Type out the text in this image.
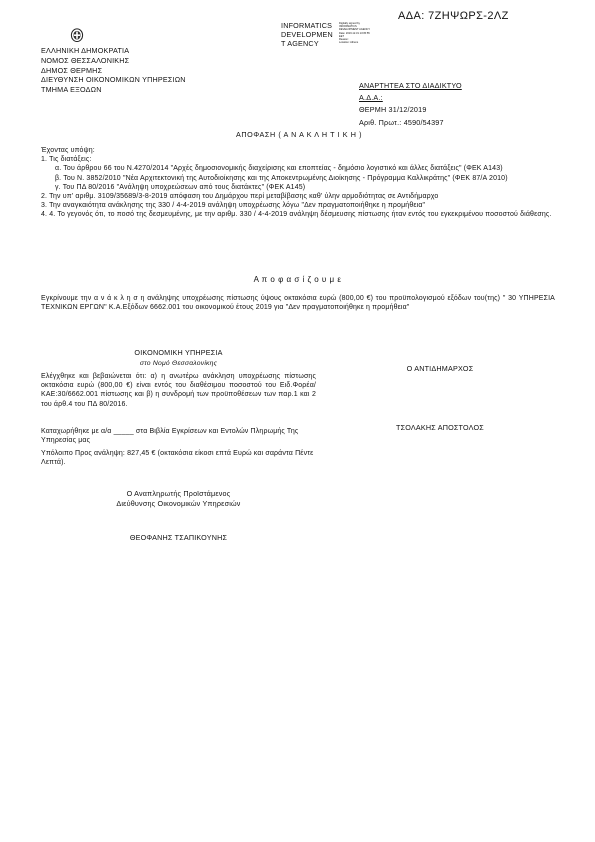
ΑΔΑ: 7ΖΗΨΩΡΣ-2ΛΖ
INFORMATICS
DEVELOPMEN
T AGENCY
Digitally signed by
INFORMATICS
DEVELOPMENT AGENCY
Date: 2019.12.31 13:05:55
EET
Reason:
Location: Athens
ΕΛΛΗΝΙΚΗ ΔΗΜΟΚΡΑΤΙΑ
ΝΟΜΟΣ ΘΕΣΣΑΛΟΝΙΚΗΣ
ΔΗΜΟΣ ΘΕΡΜΗΣ
ΔΙΕΥΘΥΝΣΗ ΟΙΚΟΝΟΜΙΚΩΝ ΥΠΗΡΕΣΙΩΝ
ΤΜΗΜΑ ΕΞΟΔΩΝ	ΑΝΑΡΤΗΤΕΑ ΣΤΟ ΔΙΑΔΙΚΤΥΟ
Α.Δ.Α.:
ΘΕΡΜΗ 31/12/2019
Αριθ. Πρωτ.: 4590/54397
ΑΠΟΦΑΣΗ ( Α Ν Α Κ Λ Η Τ Ι Κ Η )
Έχοντας υπόψη:
1. Τις διατάξεις:
α. Του άρθρου 66 του Ν.4270/2014 "Αρχές δημοσιονομικής διαχείρισης και εποπτείας - δημόσιο λογιστικό και άλλες διατάξεις" (ΦΕΚ Α143)
β. Του Ν. 3852/2010 "Νέα Αρχιτεκτονική της Αυτοδιοίκησης και της Αποκεντρωμένης Διοίκησης - Πρόγραμμα Καλλικράτης" (ΦΕΚ 87/Α 2010)
γ. Του ΠΔ 80/2016 "Ανάληψη υποχρεώσεων από τους διατάκτες" (ΦΕΚ Α145)
2. Την υπ' αριθμ. 3109/35689/3-8-2019 απόφαση του Δημάρχου περί μεταβίβασης καθ' ύλην αρμοδιότητας σε Αντιδήμαρχο
3. Την αναγκαιότητα ανάκλησης της 330 / 4-4-2019 ανάληψη υποχρέωσης λόγω "Δεν πραγματοποιήθηκε η προμήθεια"
4. 4. Το γεγονός ότι, το ποσό της δεσμευμένης, με την αριθμ. 330 / 4-4-2019 ανάληψη δέσμευσης πίστωσης ήταν εντός του εγκεκριμένου ποσοστού διάθεσης.
Α π ο φ α σ ί ζ ο υ μ ε
Εγκρίνουμε την α ν ά κ λ η σ η ανάληψης υποχρέωσης πίστωσης ύψους οκτακόσια ευρώ (800,00 €) του προϋπολογισμού εξόδων του(της) " 30 ΥΠΗΡΕΣΙΑ ΤΕΧΝΙΚΩΝ ΕΡΓΩΝ" Κ.Α.Εξόδων 6662.001 του οικονομικού έτους 2019 για "Δεν πραγματοποιήθηκε η προμήθεια"
ΟΙΚΟΝΟΜΙΚΗ ΥΠΗΡΕΣΙΑ
στο Νομό Θεσσαλονίκης
Ελέγχθηκε και βεβαιώνεται ότι: α) η ανωτέρω ανάκληση υποχρέωσης πίστωσης οκτακόσια ευρώ (800,00 €) είναι εντός του διαθέσιμου ποσοστού του Ειδ.Φορέα/ΚΑΕ:30/6662.001 πίστωσης και β) η συνδρομή των προϋποθέσεων των παρ.1 και 2 του άρθ.4 του ΠΔ 80/2016.
Καταχωρήθηκε με α/α _____ στα Βιβλία Εγκρίσεων και Εντολών Πληρωμής Της Υπηρεσίας μας
Υπόλοιπο Προς ανάληψη: 827,45 € (οκτακόσια είκοσι επτά Ευρώ και σαράντα Πέντε Λεπτά).
Ο Αναπληρωτής Προϊστάμενος
Διεύθυνσης Οικονομικών Υπηρεσιών
ΘΕΟΦΑΝΗΣ ΤΣΑΠΙΚΟΥΝΗΣ
Ο ΑΝΤΙΔΗΜΑΡΧΟΣ
ΤΣΟΛΑΚΗΣ ΑΠΟΣΤΟΛΟΣ
